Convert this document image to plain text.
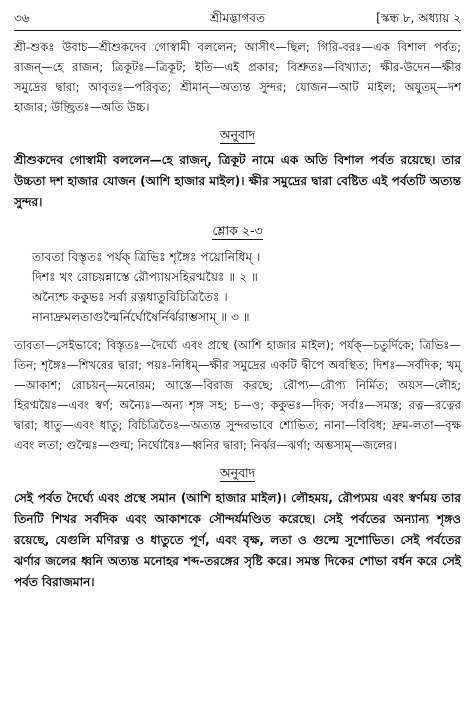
৩৬	শ্রীমদ্ভাগবত	[স্কন্ধ ৮, অধ্যায় ২

শ্রী-শুকঃ উবাচ—শ্রীশুকদেব গোস্বামী বললেন; আসীৎ—ছিল; গিরি-বরঃ—এক বিশাল পর্বত; রাজন্—হে রাজন; ত্রিকূটঃ—ত্রিকূট; ইতি—এই প্রকার; বিশ্রুতঃ—বিখ্যাত; ক্ষীর-উদেন—ক্ষীর সমুদ্রের দ্বারা; আবৃতঃ—পরিবৃত; শ্রীমান্—অত্যন্ত সুন্দর; যোজন—আট মাইল; অযুতম্—দশ হাজার; উচ্ছ্রিতঃ—অতি উচ্চ।

অনুবাদ

শ্রীশুকদেব গোস্বামী বললেন—হে রাজন্, ত্রিকূট নামে এক অতি বিশাল পর্বত রয়েছে। তার উচ্চতা দশ হাজার যোজন (আশি হাজার মাইল)। ক্ষীর সমুদ্রের দ্বারা বেষ্টিত এই পর্বতটি অত্যন্ত সুন্দর।

শ্লোক ২-৩
তাবতা বিস্তৃতঃ পর্যক্ ত্রিভিঃ শৃঙ্গৈঃ পয়োনিধিম্ ।
দিশঃ খং রোচয়ন্নাস্তে রৌপ্যায়সহিরণ্ময়ৈঃ ॥ ২ ॥
অন্যৈশ্চ ককুভঃ সর্বা রত্নধাতুবিচিত্রিতৈঃ ।
নানাদ্রুমলতাগুল্মৈর্নির্ঘোষৈর্নির্ঝরাম্ভসাম্ ॥ ৩ ॥

তাবতা—সেইভাবে; বিস্তৃতঃ—দৈর্ঘ্যে এবং প্রস্থে (আশি হাজার মাইল); পর্যক্—চতুর্দিকে; ত্রিভিঃ—তিন; শৃঙ্গৈঃ—শিখরের দ্বারা; পয়ঃ-নিধিম্—ক্ষীর সমুদ্রের একটি দ্বীপে অবস্থিত; দিশঃ—সর্বদিক; খম্—আকাশ; রোচয়ন্—মনোরম; আস্তে—বিরাজ করছে; রৌপ্য—রৌপ্য নির্মিত; অয়স—লৌহ; হিরণ্ময়ৈঃ—এবং স্বর্ণ; অন্যৈঃ—অন্য শৃঙ্গ সহ; চ—ও; ককুভঃ—দিক; সর্বাঃ—সমস্ত; রত্ন—রত্নের দ্বারা; ধাতু—এবং ধাতু; বিচিত্রিতৈঃ—অত্যন্ত সুন্দরভাবে শোভিত; নানা—বিবিধ; দ্রুম-লতা—বৃক্ষ এবং লতা; গুল্মৈঃ—গুল্ম; নির্ঘোষৈঃ—ধ্বনির দ্বারা; নির্ঝর—ঝর্ণা; অম্ভসাম্—জলের।

অনুবাদ

সেই পর্বত দৈর্ঘ্যে এবং প্রস্থে সমান (আশি হাজার মাইল)। লৌহময়, রৌপ্যময় এবং স্বর্ণময় তার তিনটি শিখর সর্বদিক এবং আকাশকে সৌন্দর্যমণ্ডিত করেছে। সেই পর্বতের অন্যান্য শৃঙ্গও রয়েছে, যেগুলি মণিরত্ন ও ধাতুতে পূর্ণ, এবং বৃক্ষ, লতা ও গুল্মে সুশোভিত। সেই পর্বতের ঝর্ণার জলের ধ্বনি অত্যন্ত মনোহর শব্দ-তরঙ্গের সৃষ্টি করে। সমস্ত দিকের শোভা বর্ধন করে সেই পর্বত বিরাজমান।
